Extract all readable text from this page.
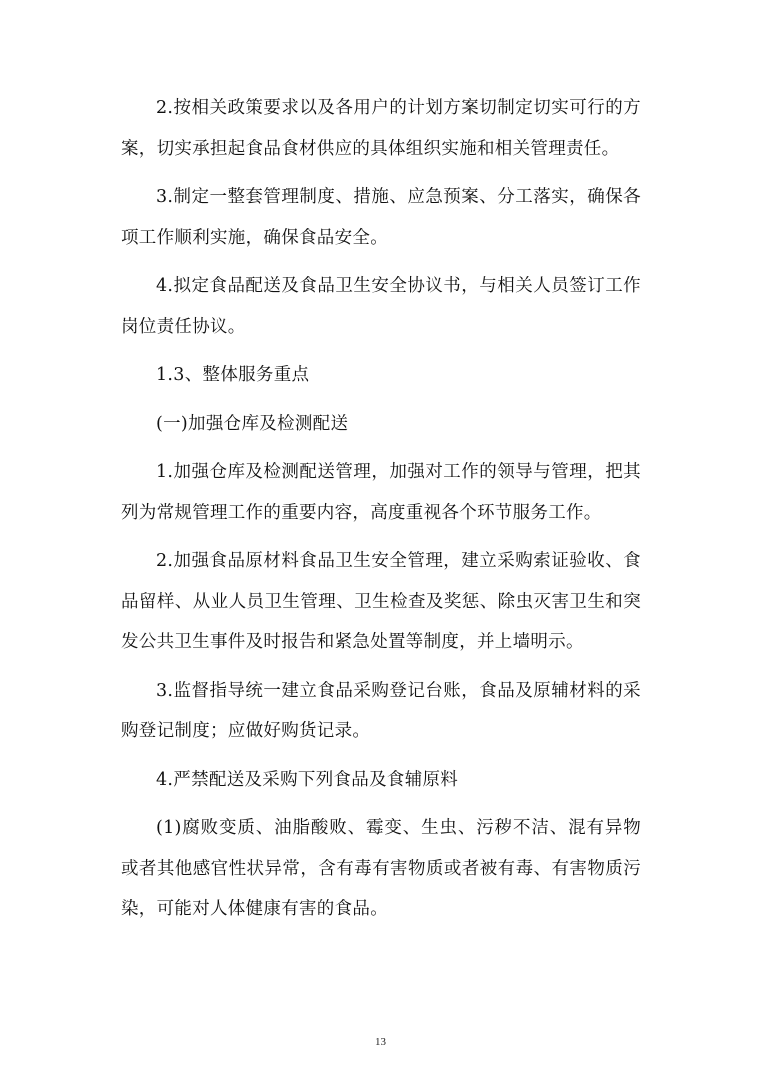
2.按相关政策要求以及各用户的计划方案切制定切实可行的方案，切实承担起食品食材供应的具体组织实施和相关管理责任。

3.制定一整套管理制度、措施、应急预案、分工落实，确保各项工作顺利实施，确保食品安全。

4.拟定食品配送及食品卫生安全协议书，与相关人员签订工作岗位责任协议。

1.3、整体服务重点

(一)加强仓库及检测配送

1.加强仓库及检测配送管理，加强对工作的领导与管理，把其列为常规管理工作的重要内容，高度重视各个环节服务工作。

2.加强食品原材料食品卫生安全管理，建立采购索证验收、食品留样、从业人员卫生管理、卫生检查及奖惩、除虫灭害卫生和突发公共卫生事件及时报告和紧急处置等制度，并上墙明示。

3.监督指导统一建立食品采购登记台账，食品及原辅材料的采购登记制度；应做好购货记录。

4.严禁配送及采购下列食品及食辅原料

(1)腐败变质、油脂酸败、霉变、生虫、污秽不洁、混有异物或者其他感官性状异常，含有毒有害物质或者被有毒、有害物质污染，可能对人体健康有害的食品。

13
